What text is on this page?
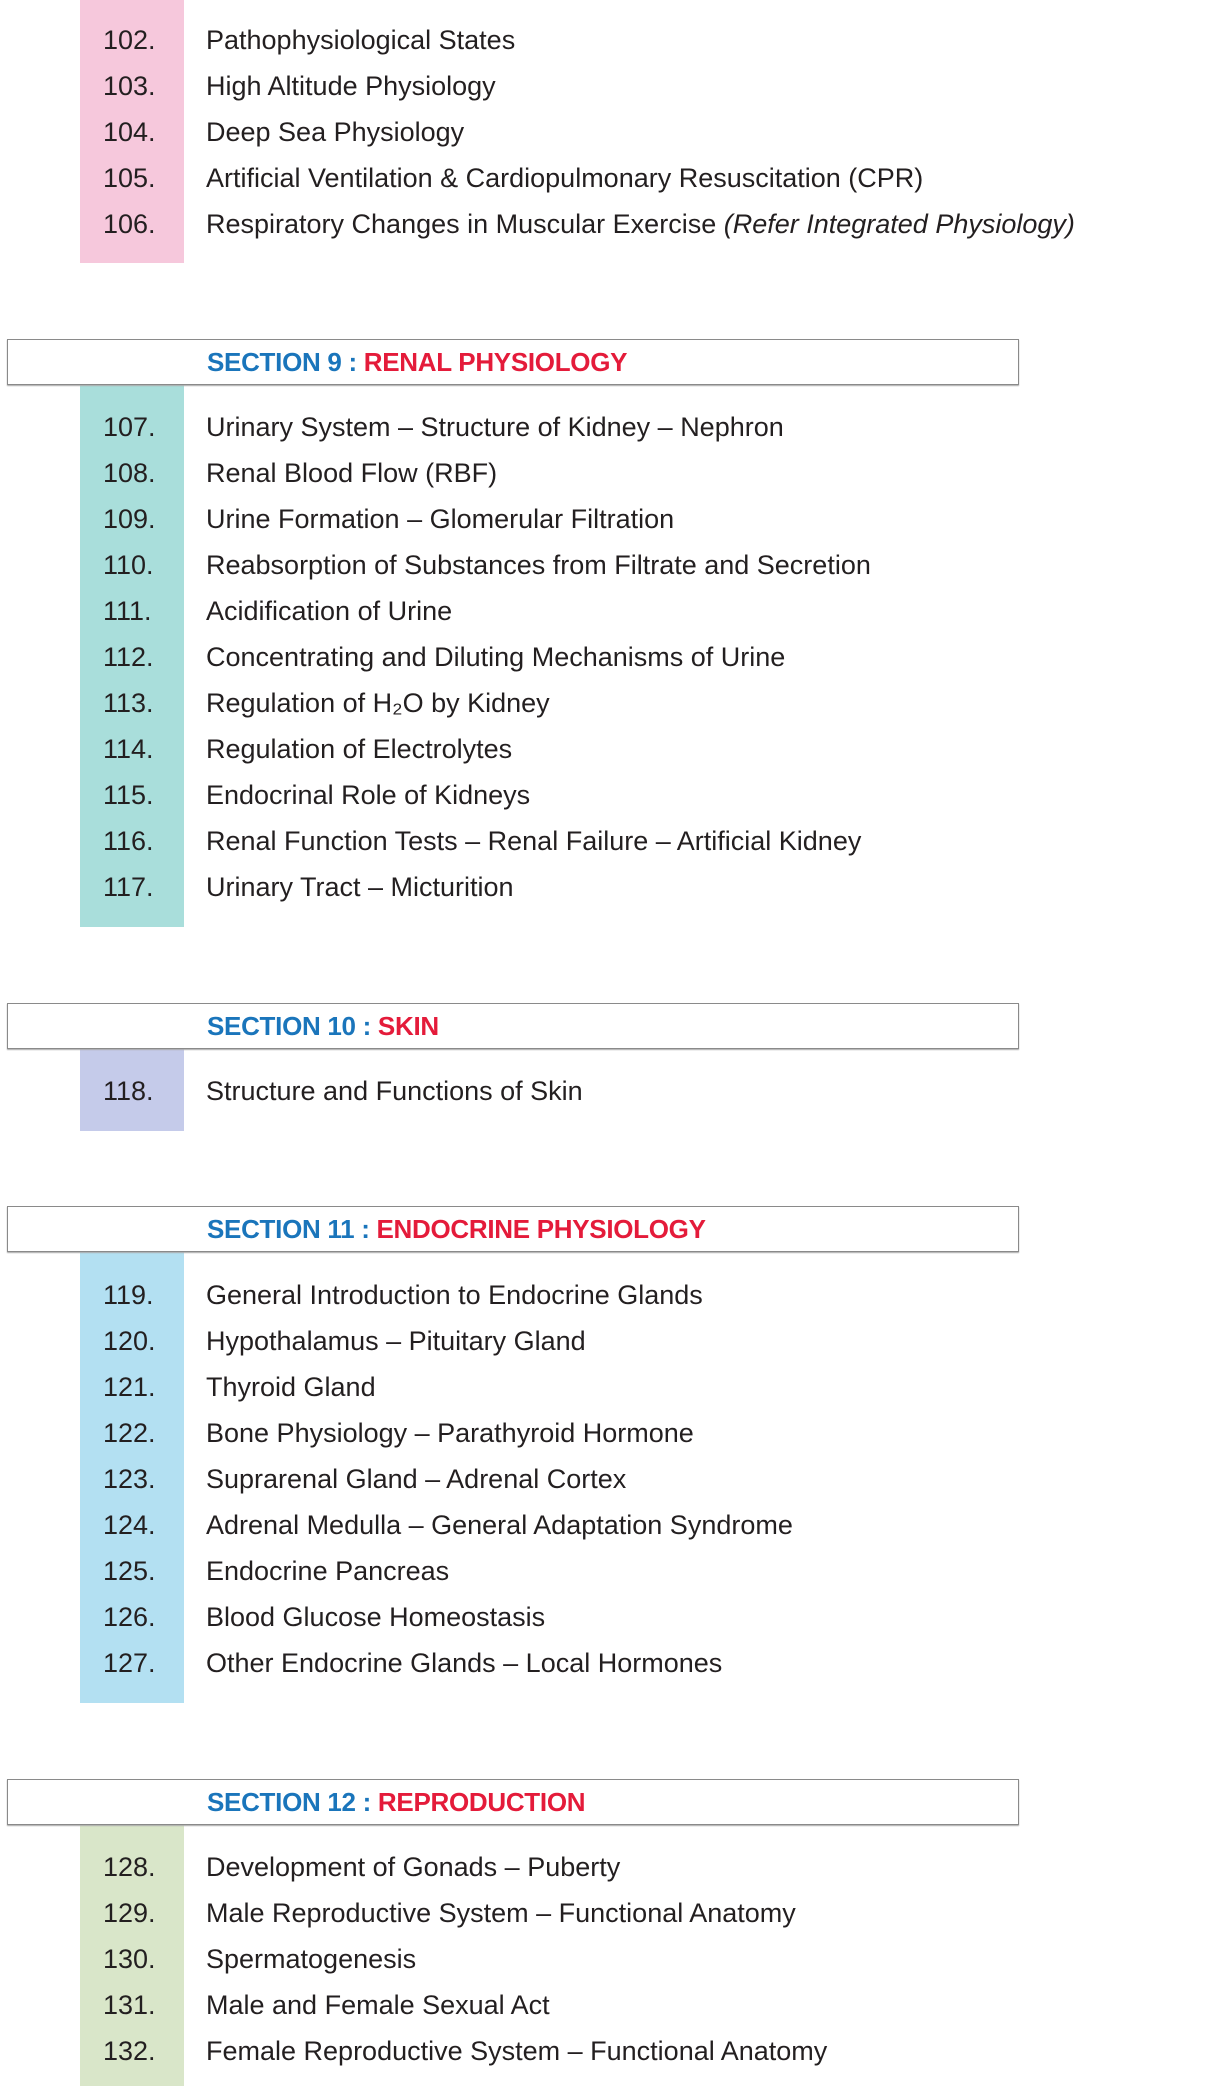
102. Pathophysiological States
103. High Altitude Physiology
104. Deep Sea Physiology
105. Artificial Ventilation & Cardiopulmonary Resuscitation (CPR)
106. Respiratory Changes in Muscular Exercise (Refer Integrated Physiology)
SECTION 9 : RENAL PHYSIOLOGY
107. Urinary System – Structure of Kidney – Nephron
108. Renal Blood Flow (RBF)
109. Urine Formation – Glomerular Filtration
110. Reabsorption of Substances from Filtrate and Secretion
111. Acidification of Urine
112. Concentrating and Diluting Mechanisms of Urine
113. Regulation of H₂O by Kidney
114. Regulation of Electrolytes
115. Endocrinal Role of Kidneys
116. Renal Function Tests – Renal Failure – Artificial Kidney
117. Urinary Tract – Micturition
SECTION 10 : SKIN
118. Structure and Functions of Skin
SECTION 11 : ENDOCRINE PHYSIOLOGY
119. General Introduction to Endocrine Glands
120. Hypothalamus – Pituitary Gland
121. Thyroid Gland
122. Bone Physiology – Parathyroid Hormone
123. Suprarenal Gland – Adrenal Cortex
124. Adrenal Medulla – General Adaptation Syndrome
125. Endocrine Pancreas
126. Blood Glucose Homeostasis
127. Other Endocrine Glands – Local Hormones
SECTION 12 : REPRODUCTION
128. Development of Gonads – Puberty
129. Male Reproductive System – Functional Anatomy
130. Spermatogenesis
131. Male and Female Sexual Act
132. Female Reproductive System – Functional Anatomy
